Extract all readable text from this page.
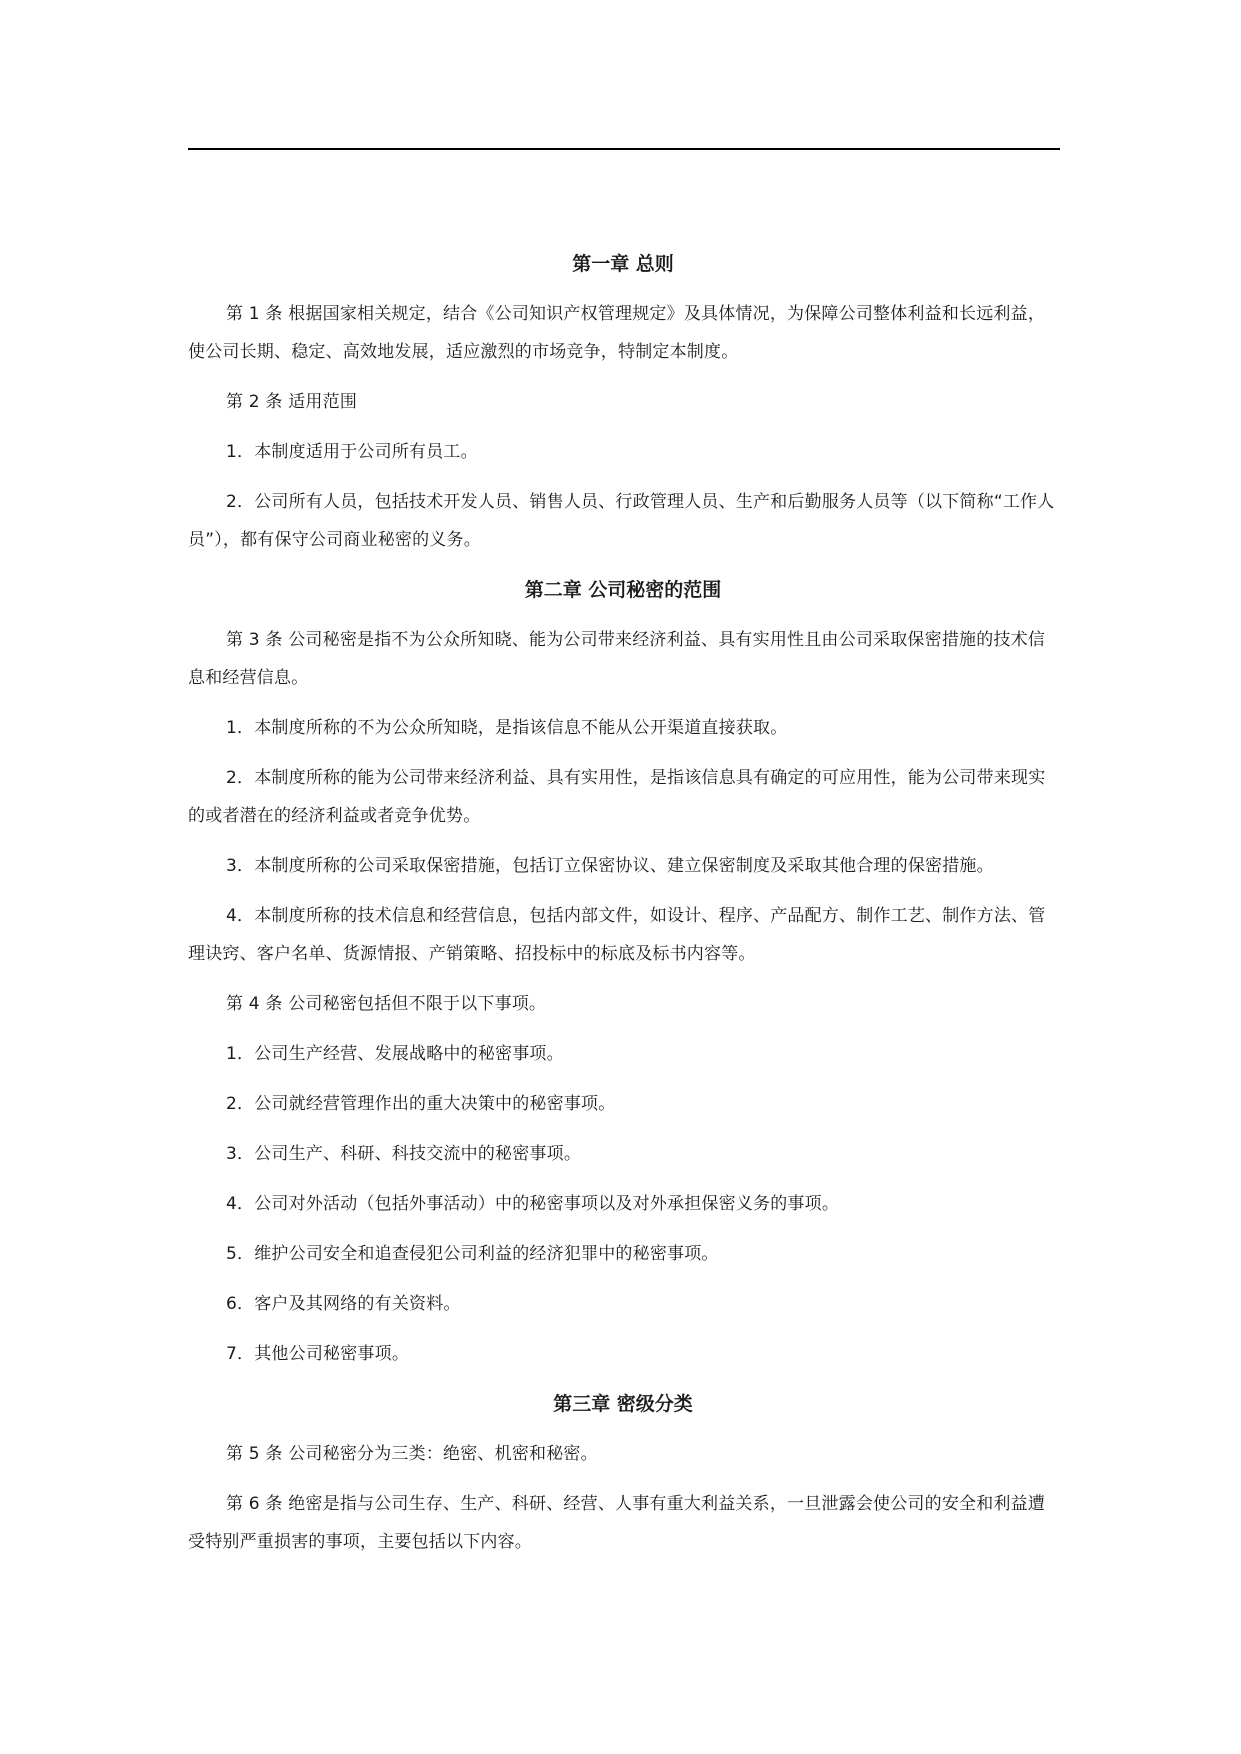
第一章 总则

第 1 条 根据国家相关规定，结合《公司知识产权管理规定》及具体情况，为保障公司整体利益和长远利益，使公司长期、稳定、高效地发展，适应激烈的市场竞争，特制定本制度。

第 2 条 适用范围

1．本制度适用于公司所有员工。

2．公司所有人员，包括技术开发人员、销售人员、行政管理人员、生产和后勤服务人员等（以下简称“工作人员”），都有保守公司商业秘密的义务。

第二章 公司秘密的范围

第 3 条 公司秘密是指不为公众所知晓、能为公司带来经济利益、具有实用性且由公司采取保密措施的技术信息和经营信息。

1．本制度所称的不为公众所知晓，是指该信息不能从公开渠道直接获取。

2．本制度所称的能为公司带来经济利益、具有实用性，是指该信息具有确定的可应用性，能为公司带来现实的或者潜在的经济利益或者竞争优势。

3．本制度所称的公司采取保密措施，包括订立保密协议、建立保密制度及采取其他合理的保密措施。

4．本制度所称的技术信息和经营信息，包括内部文件，如设计、程序、产品配方、制作工艺、制作方法、管理诀窍、客户名单、货源情报、产销策略、招投标中的标底及标书内容等。

第 4 条 公司秘密包括但不限于以下事项。

1．公司生产经营、发展战略中的秘密事项。

2．公司就经营管理作出的重大决策中的秘密事项。

3．公司生产、科研、科技交流中的秘密事项。

4．公司对外活动（包括外事活动）中的秘密事项以及对外承担保密义务的事项。

5．维护公司安全和追查侵犯公司利益的经济犯罪中的秘密事项。

6．客户及其网络的有关资料。

7．其他公司秘密事项。

第三章 密级分类

第 5 条 公司秘密分为三类：绝密、机密和秘密。

第 6 条 绝密是指与公司生存、生产、科研、经营、人事有重大利益关系，一旦泄露会使公司的安全和利益遭受特别严重损害的事项，主要包括以下内容。
